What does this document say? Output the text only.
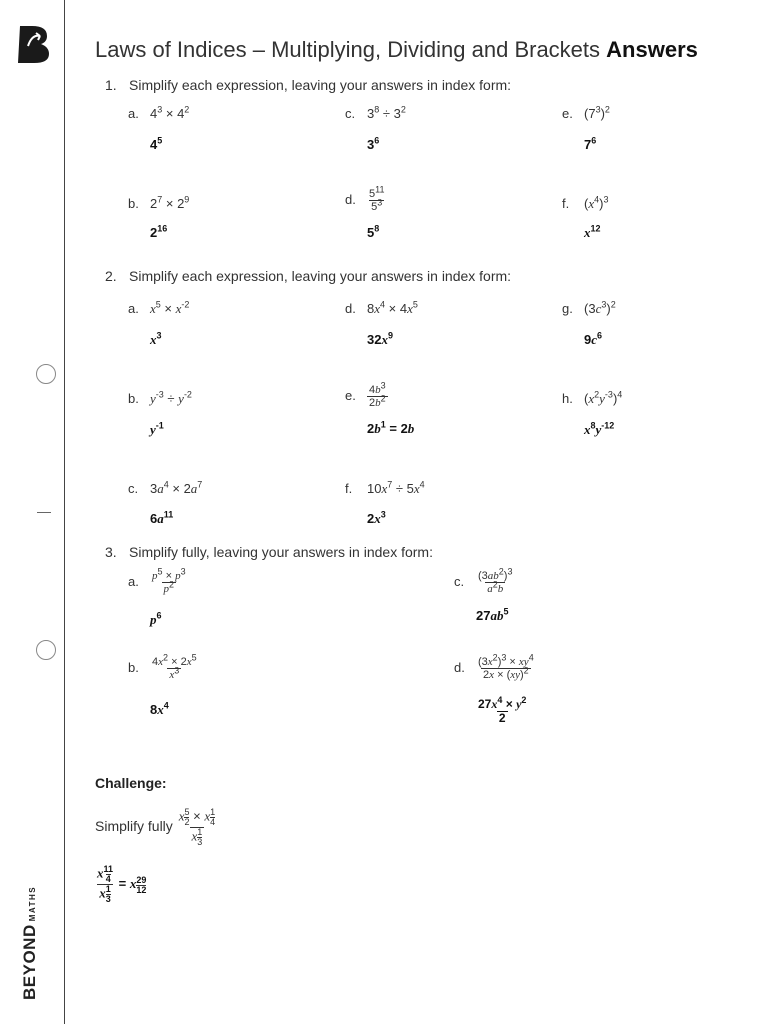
BEYONDMATHS
Laws of Indices – Multiplying, Dividing and Brackets Answers
1. Simplify each expression, leaving your answers in index form:
a. $4^3 \times 4^2$
$4^5$
c. $3^8 \div 3^2$
$3^6$
e. $(7^3)^2$
$7^6$
b. $2^7 \times 2^9$
$2^{16}$
d. $\frac{5^{11}}{5^3}$
$5^8$
f. $(x^4)^3$
$x^{12}$
2. Simplify each expression, leaving your answers in index form:
a. $x^5 \times x^{-2}$
$x^3$
d. $8x^4 \times 4x^5$
$32x^9$
g. $(3c^3)^2$
$9c^6$
b. $y^{-3} \div y^{-2}$
$y^{-1}$
e. $\frac{4b^3}{2b^2}$
$2b^1 = 2b$
h. $(x^2y^{-3})^4$
$x^8y^{-12}$
c. $3a^4 \times 2a^7$
$6a^{11}$
f. $10x^7 \div 5x^4$
$2x^3$
3. Simplify fully, leaving your answers in index form:
a. $\frac{p^5 \times p^3}{p^2}$
$p^6$
c. $\frac{(3ab^2)^3}{a^2b}$
$27ab^5$
b. $\frac{4x^2 \times 2x^5}{x^3}$
$8x^4$
d. $\frac{(3x^2)^3 \times xy^4}{2x \times (xy)^2}$
$\frac{27x^4 \times y^2}{2}$
Challenge:
Simplify fully $\frac{x \frac{5}{2} \times x \frac{1}{4}}{x \frac{1}{3}}$
$\frac{x \frac{11}{4}}{x \frac{1}{3}} = x \frac{29}{12}$
